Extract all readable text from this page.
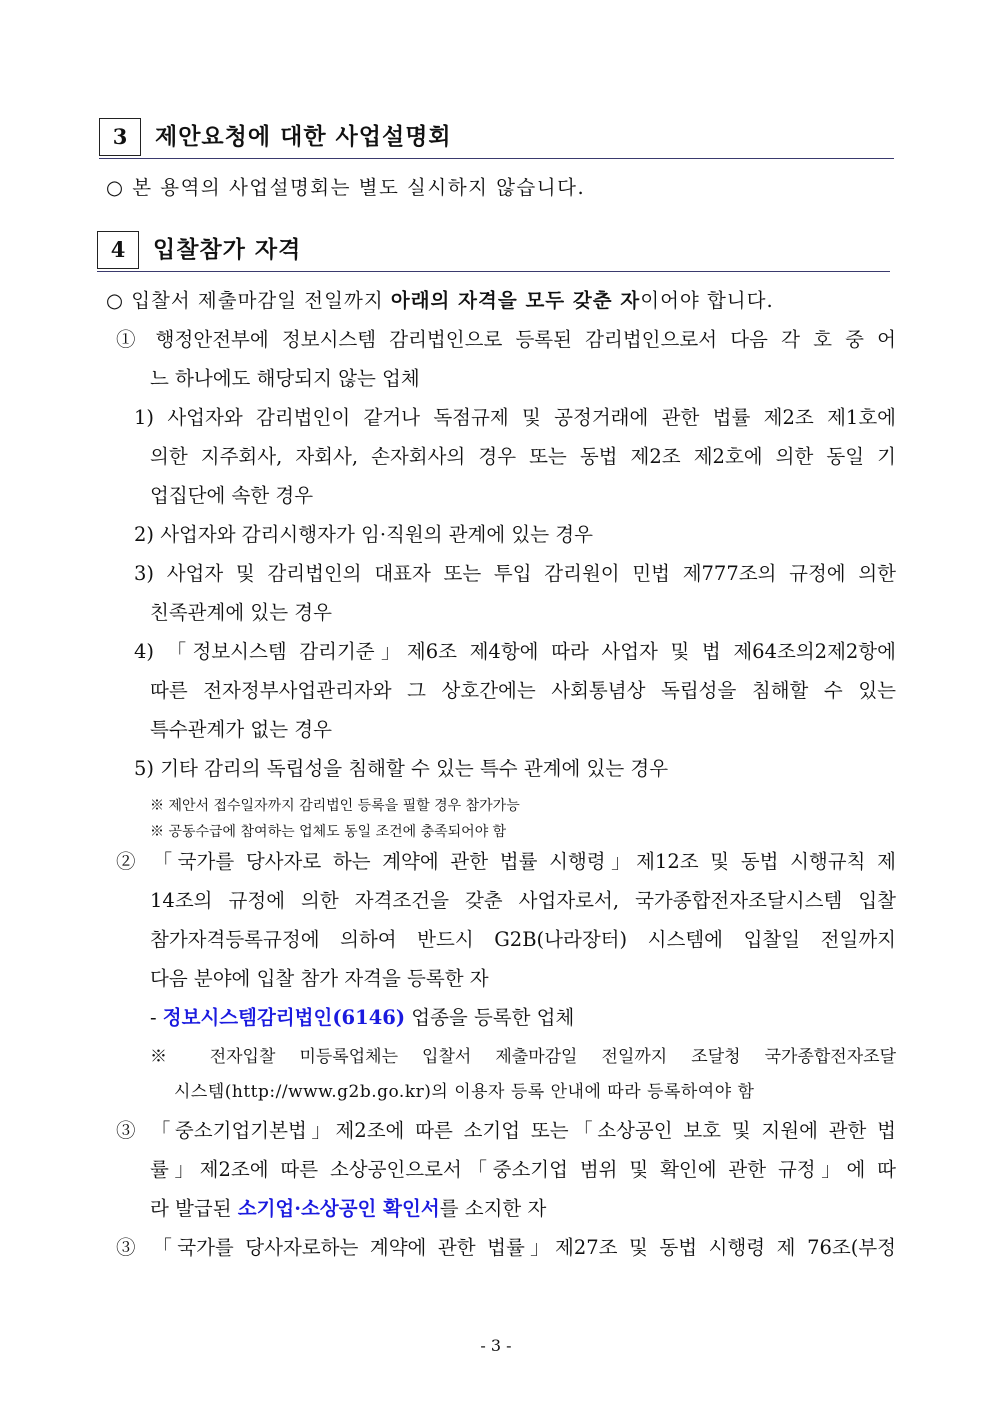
3	제안요청에 대한 사업설명회
○ 본 용역의 사업설명회는 별도 실시하지 않습니다.
4	입찰참가 자격
○ 입찰서 제출마감일 전일까지 아래의 자격을 모두 갖춘 자이어야 합니다.
① 행정안전부에 정보시스템 감리법인으로 등록된 감리법인으로서 다음 각 호 중 어
느 하나에도 해당되지 않는 업체
1) 사업자와 감리법인이 같거나 독점규제 및 공정거래에 관한 법률 제2조 제1호에
의한 지주회사, 자회사, 손자회사의 경우 또는 동법 제2조 제2호에 의한 동일 기
업집단에 속한 경우
2) 사업자와 감리시행자가 임·직원의 관계에 있는 경우
3) 사업자 및 감리법인의 대표자 또는 투입 감리원이 민법 제777조의 규정에 의한
친족관계에 있는 경우
4) 「정보시스템 감리기준」제6조 제4항에 따라 사업자 및 법 제64조의2제2항에
따른 전자정부사업관리자와 그 상호간에는 사회통념상 독립성을 침해할 수 있는
특수관계가 없는 경우
5) 기타 감리의 독립성을 침해할 수 있는 특수 관계에 있는 경우
※ 제안서 접수일자까지 감리법인 등록을 필할 경우 참가가능
※ 공동수급에 참여하는 업체도 동일 조건에 충족되어야 함
② 「국가를 당사자로 하는 계약에 관한 법률 시행령」제12조 및 동법 시행규칙 제
14조의 규정에 의한 자격조건을 갖춘 사업자로서, 국가종합전자조달시스템 입찰
참가자격등록규정에 의하여 반드시 G2B(나라장터) 시스템에 입찰일 전일까지
다음 분야에 입찰 참가 자격을 등록한 자
- 정보시스템감리법인(6146) 업종을 등록한 업체
※ 전자입찰 미등록업체는 입찰서 제출마감일 전일까지 조달청 국가종합전자조달
시스템(http://www.g2b.go.kr)의 이용자 등록 안내에 따라 등록하여야 함
③ 「중소기업기본법」제2조에 따른 소기업 또는「소상공인 보호 및 지원에 관한 법
률」제2조에 따른 소상공인으로서「중소기업 범위 및 확인에 관한 규정」에 따
라 발급된 소기업·소상공인 확인서를 소지한 자
③ 「국가를 당사자로하는 계약에 관한 법률」제27조 및 동법 시행령 제 76조(부정
- 3 -
